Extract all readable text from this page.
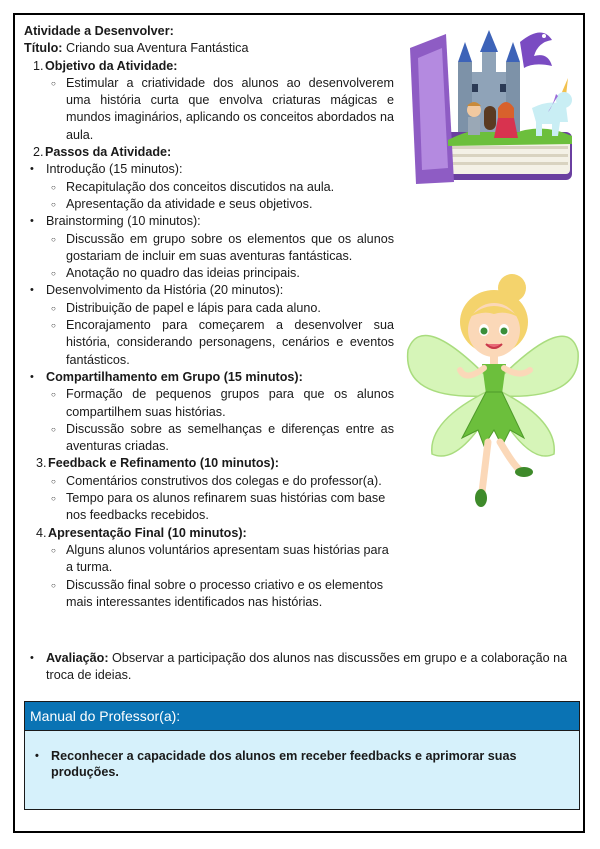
Atividade a Desenvolver:

Título: Criando sua Aventura Fantástica

1. Objetivo da Atividade:
○ Estimular a criatividade dos alunos ao desenvolverem uma história curta que envolva criaturas mágicas e mundos imaginários, aplicando os conceitos abordados na aula.
2. Passos da Atividade:
• Introdução (15 minutos):
○ Recapitulação dos conceitos discutidos na aula.
○ Apresentação da atividade e seus objetivos.
• Brainstorming (10 minutos):
○ Discussão em grupo sobre os elementos que os alunos gostariam de incluir em suas aventuras fantásticas.
○ Anotação no quadro das ideias principais.
• Desenvolvimento da História (20 minutos):
○ Distribuição de papel e lápis para cada aluno.
○ Encorajamento para começarem a desenvolver sua história, considerando personagens, cenários e eventos fantásticos.
• Compartilhamento em Grupo (15 minutos):
○ Formação de pequenos grupos para que os alunos compartilhem suas histórias.
○ Discussão sobre as semelhanças e diferenças entre as aventuras criadas.
3. Feedback e Refinamento (10 minutos):
○ Comentários construtivos dos colegas e do professor(a).
○ Tempo para os alunos refinarem suas histórias com base nos feedbacks recebidos.
4. Apresentação Final (10 minutos):
○ Alguns alunos voluntários apresentam suas histórias para a turma.
○ Discussão final sobre o processo criativo e os elementos mais interessantes identificados nas histórias.
• Avaliação: Observar a participação dos alunos nas discussões em grupo e a colaboração na troca de ideias.
Manual do Professor(a):
• Reconhecer a capacidade dos alunos em receber feedbacks e aprimorar suas produções.
